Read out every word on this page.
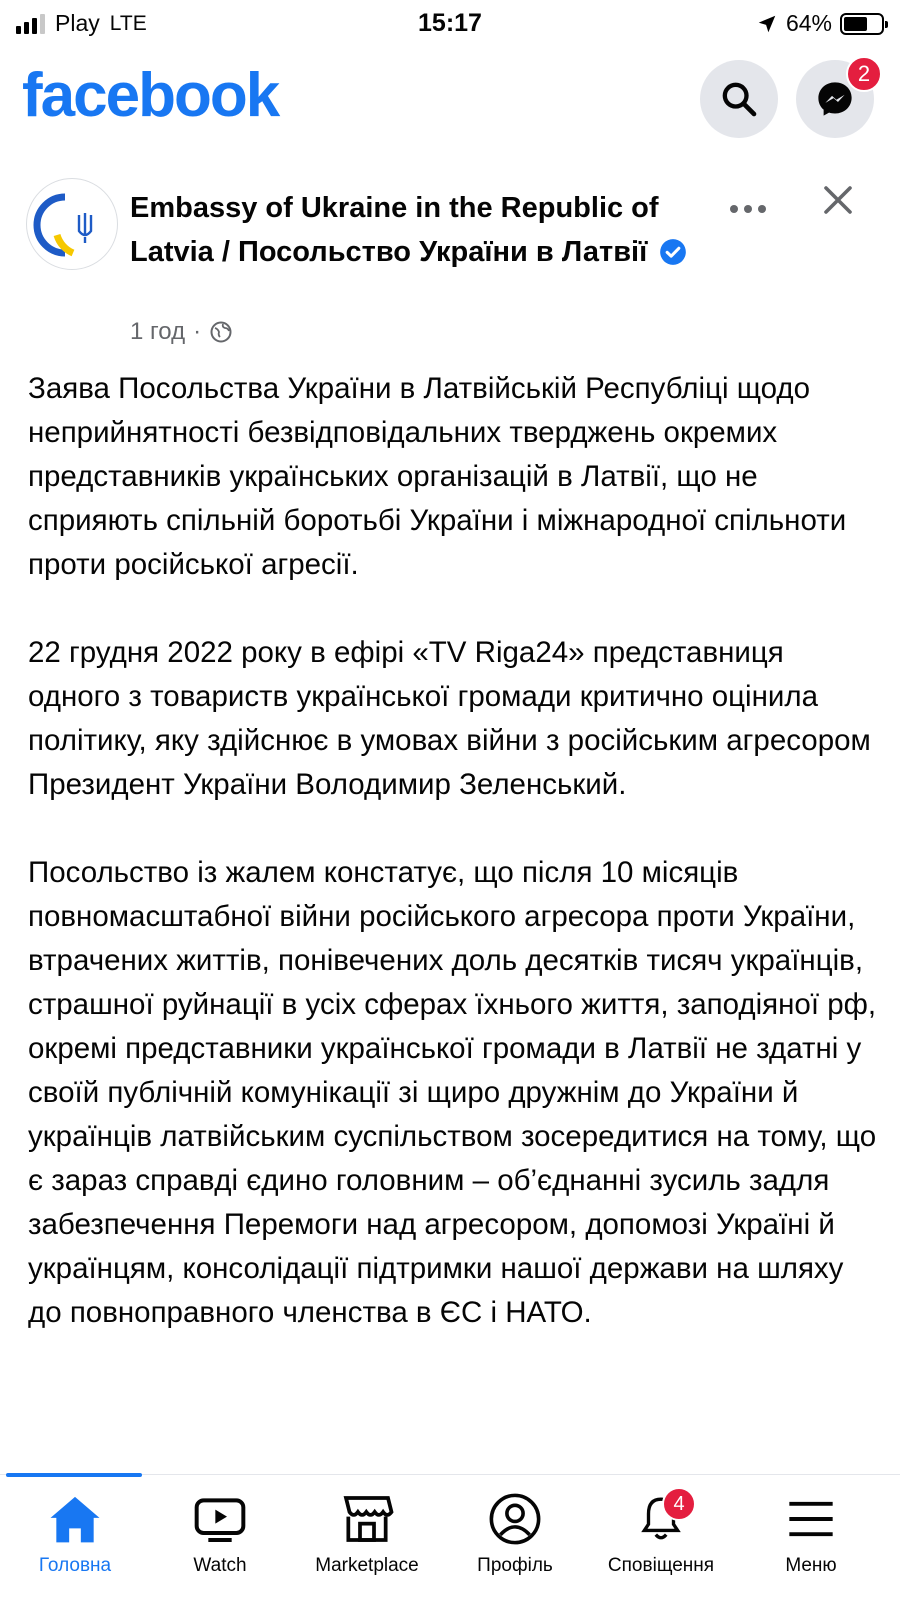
Play LTE	15:17	64%
facebook	2
Embassy of Ukraine in the Republic of Latvia / Посольство України в Латвії
1 год ·

Заява Посольства України в Латвійській Республіці щодо неприйнятності безвідповідальних тверджень окремих представників українських організацій в Латвії, що не сприяють спільній боротьбі України і міжнародної спільноти проти російської агресії.

22 грудня 2022 року в ефірі «TV Riga24» представниця одного з товариств української громади критично оцінила політику, яку здійснює в умовах війни з російським агресором Президент України Володимир Зеленський.

Посольство із жалем констатує, що після 10 місяців повномасштабної війни російського агресора проти України, втрачених життів, понівечених доль десятків тисяч українців, страшної руйнації в усіх сферах їхнього життя, заподіяної рф, окремі представники української громади в Латвії не здатні у своїй публічній комунікації зі щиро дружнім до України й українців латвійським суспільством зосередитися на тому, що є зараз справді єдино головним – об’єднанні зусиль задля забезпечення Перемоги над агресором, допомозі Україні й українцям, консолідації підтримки нашої держави на шляху до повноправного членства в ЄС і НАТО.

Головна	Watch	Marketplace	Профіль
4
Сповіщення	Меню
